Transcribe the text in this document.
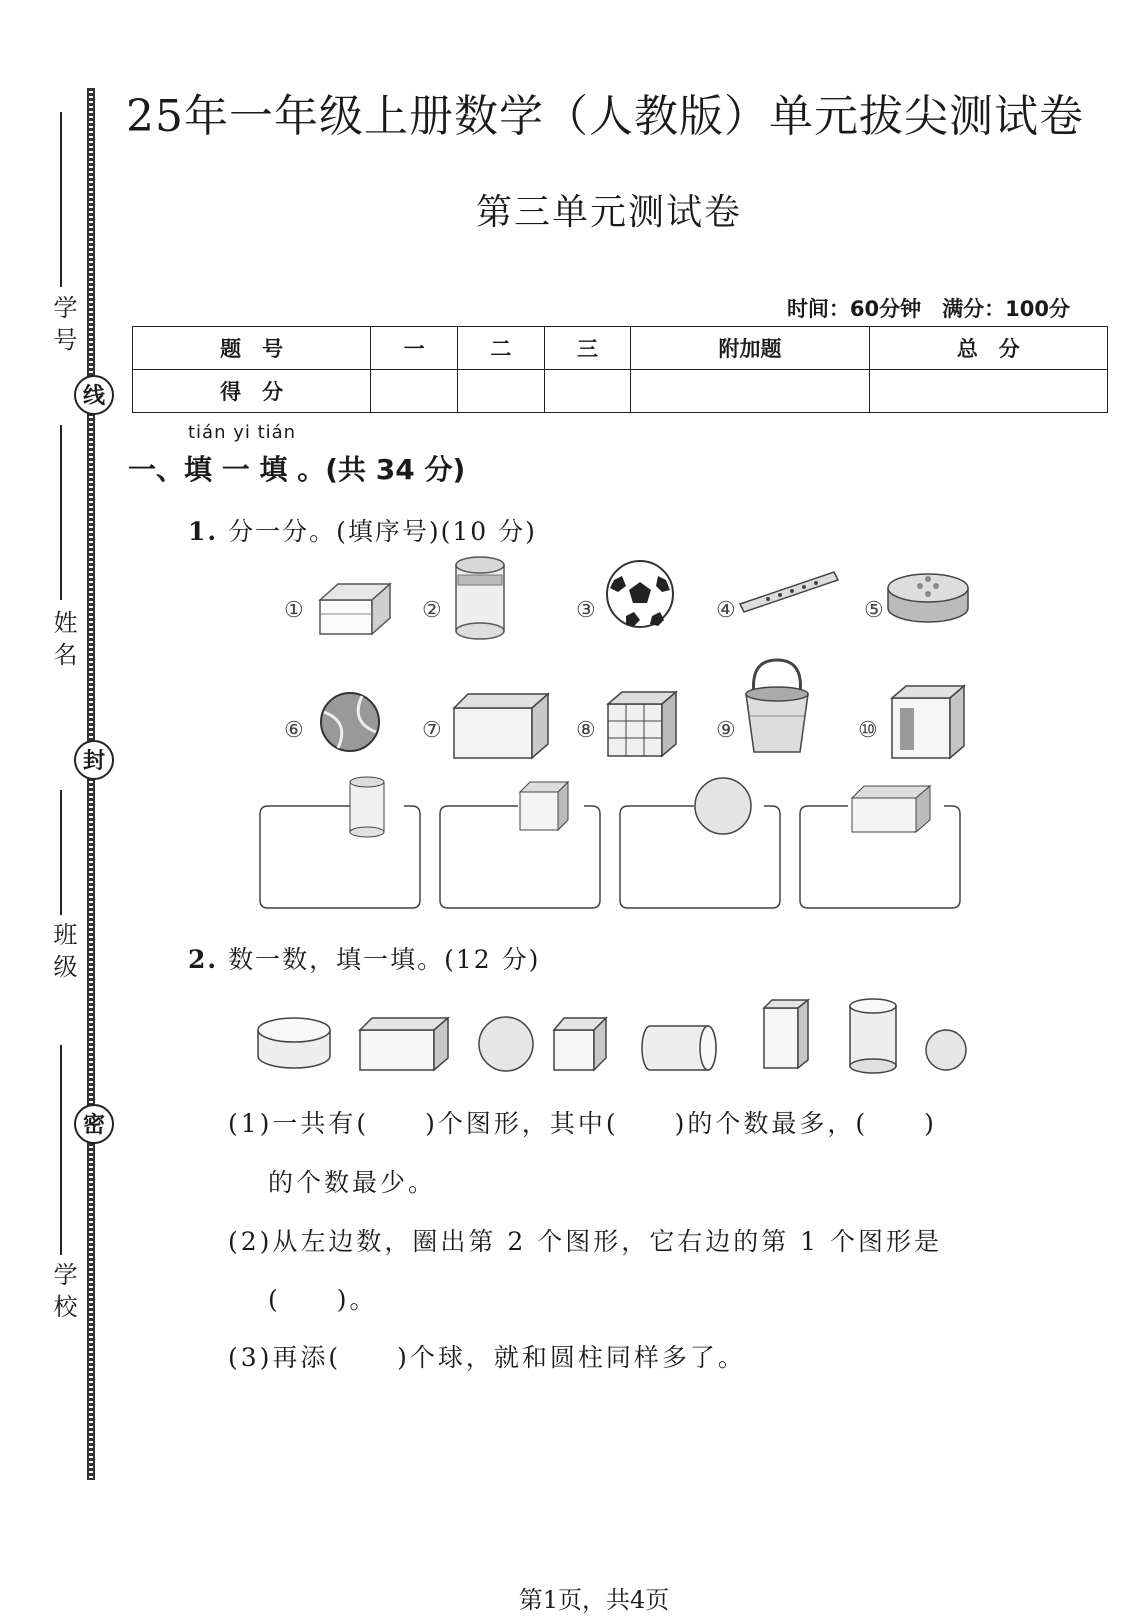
学号
姓名
班级
学校
线
封
密
25年一年级上册数学（人教版）单元拔尖测试卷
第三单元测试卷
时间：60分钟　满分：100分
题　号	一	二	三	附加题	总　分
得　分					
tián yi tián
一、填 一 填 。(共 34 分)
1. 分一分。(填序号)(10 分)
①	②	③	④	⑤
⑥	⑦	⑧	⑨	⑩
2. 数一数，填一填。(12 分)
(1)一共有(　　)个图形，其中(　　)的个数最多，(　　)
的个数最少。
(2)从左边数，圈出第 2 个图形，它右边的第 1 个图形是
(　　)。
(3)再添(　　)个球，就和圆柱同样多了。
第1页，共4页
